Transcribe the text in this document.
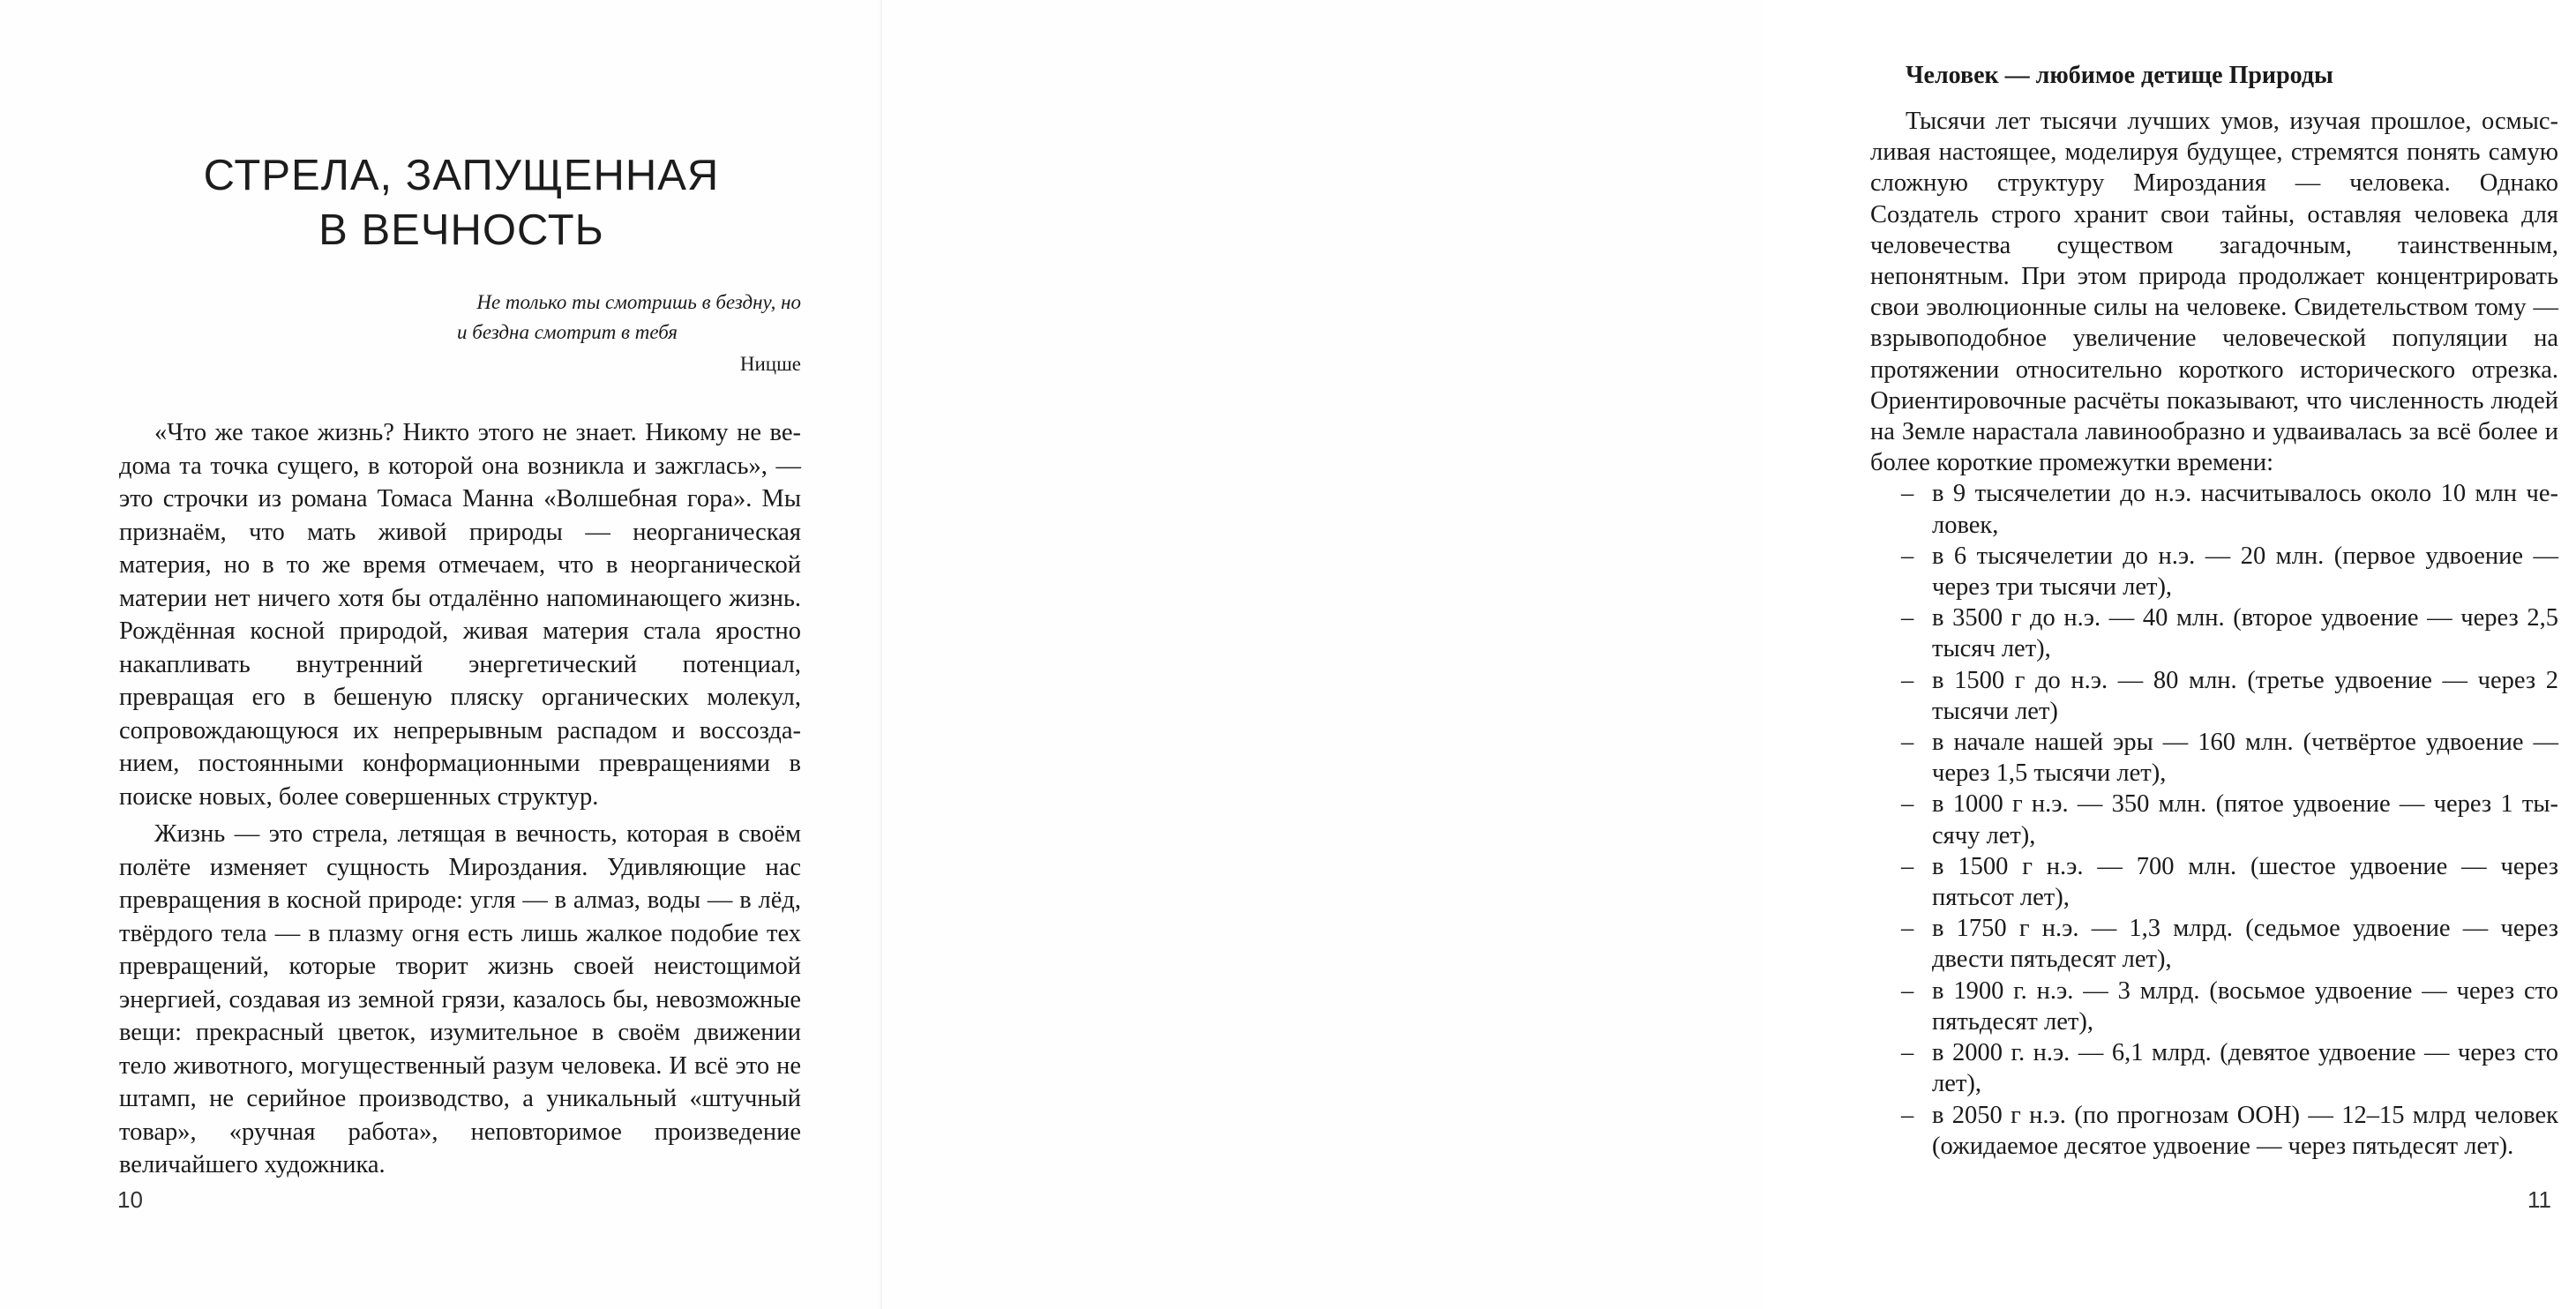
СТРЕЛА, ЗАПУЩЕННАЯ
В ВЕЧНОСТЬ
Не только ты смотришь в бездну, но
и бездна смотрит в тебя
Ницше

«Что же такое жизнь? Никто этого не знает. Никому не ведома та точка сущего, в которой она возникла и зажглась», — это строчки из романа Томаса Манна «Волшебная гора». Мы признаём, что мать живой природы — неорганическая материя, но в то же время отмечаем, что в неорганической материи нет ничего хотя бы отдалённо напоминающего жизнь. Рождённая косной природой, живая материя стала яростно накапливать внутренний энергетический потенциал, превращая его в бешеную пляску органических молекул, сопровождающуюся их непрерывным распадом и воссозданием, постоянными конформационными превращениями в поиске новых, более совершенных структур.

Жизнь — это стрела, летящая в вечность, которая в своём полёте изменяет сущность Мироздания. Удивляющие нас превращения в косной природе: угля — в алмаз, воды — в лёд, твёрдого тела — в плазму огня есть лишь жалкое подобие тех превращений, которые творит жизнь своей неистощимой энергией, создавая из земной грязи, казалось бы, невозможные вещи: прекрасный цветок, изумительное в своём движении тело животного, могущественный разум человека. И всё это не штамп, не серийное производство, а уникальный «штучный товар», «ручная работа», неповторимое произведение величайшего художника.

10
Человек — любимое детище Природы

Тысячи лет тысячи лучших умов, изучая прошлое, осмысливая настоящее, моделируя будущее, стремятся понять самую сложную структуру Мироздания — человека. Однако Создатель строго хранит свои тайны, оставляя человека для человечества существом загадочным, таинственным, непонятным. При этом природа продолжает концентрировать свои эволюционные силы на человеке. Свидетельством тому — взрывоподобное увеличение человеческой популяции на протяжении относительно короткого исторического отрезка. Ориентировочные расчёты показывают, что численность людей на Земле нарастала лавинообразно и удваивалась за всё более и более короткие промежутки времени:

– в 9 тысячелетии до н.э. насчитывалось около 10 млн человек,
– в 6 тысячелетии до н.э. — 20 млн. (первое удвоение — через три тысячи лет),
– в 3500 г до н.э. — 40 млн. (второе удвоение — через 2,5 тысяч лет),
– в 1500 г до н.э. — 80 млн. (третье удвоение — через 2 тысячи лет)
– в начале нашей эры — 160 млн. (четвёртое удвоение — через 1,5 тысячи лет),
– в 1000 г н.э. — 350 млн. (пятое удвоение — через 1 тысячу лет),
– в 1500 г н.э. — 700 млн. (шестое удвоение — через пятьсот лет),
– в 1750 г н.э. — 1,3 млрд. (седьмое удвоение — через двести пятьдесят лет),
– в 1900 г. н.э. — 3 млрд. (восьмое удвоение — через сто пятьдесят лет),
– в 2000 г. н.э. — 6,1 млрд. (девятое удвоение — через сто лет),
– в 2050 г н.э. (по прогнозам ООН) — 12–15 млрд человек (ожидаемое десятое удвоение — через пятьдесят лет).
11
